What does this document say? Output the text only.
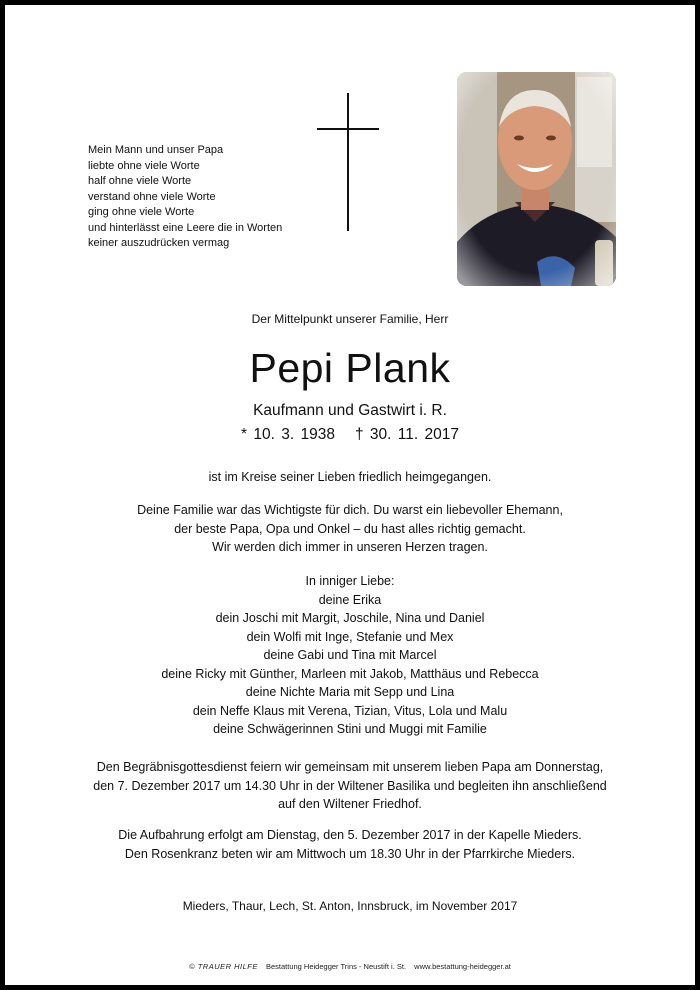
Mein Mann und unser Papa
liebte ohne viele Worte
half ohne viele Worte
verstand ohne viele Worte
ging ohne viele Worte
und hinterlässt eine Leere die in Worten
keiner auszudrücken vermag
Der Mittelpunkt unserer Familie, Herr
Pepi Plank
Kaufmann und Gastwirt i. R.
* 10. 3. 1938 † 30. 11. 2017
ist im Kreise seiner Lieben friedlich heimgegangen.
Deine Familie war das Wichtigste für dich. Du warst ein liebevoller Ehemann,
der beste Papa, Opa und Onkel – du hast alles richtig gemacht.
Wir werden dich immer in unseren Herzen tragen.
In inniger Liebe:
deine Erika
dein Joschi mit Margit, Joschile, Nina und Daniel
dein Wolfi mit Inge, Stefanie und Mex
deine Gabi und Tina mit Marcel
deine Ricky mit Günther, Marleen mit Jakob, Matthäus und Rebecca
deine Nichte Maria mit Sepp und Lina
dein Neffe Klaus mit Verena, Tizian, Vitus, Lola und Malu
deine Schwägerinnen Stini und Muggi mit Familie
Den Begräbnisgottesdienst feiern wir gemeinsam mit unserem lieben Papa am Donnerstag,
den 7. Dezember 2017 um 14.30 Uhr in der Wiltener Basilika und begleiten ihn anschließend
auf den Wiltener Friedhof.
Die Aufbahrung erfolgt am Dienstag, den 5. Dezember 2017 in der Kapelle Mieders.
Den Rosenkranz beten wir am Mittwoch um 18.30 Uhr in der Pfarrkirche Mieders.
Mieders, Thaur, Lech, St. Anton, Innsbruck, im November 2017
© TRAUER HILFE Bestattung Heidegger Trins - Neustift i. St. www.bestattung-heidegger.at
